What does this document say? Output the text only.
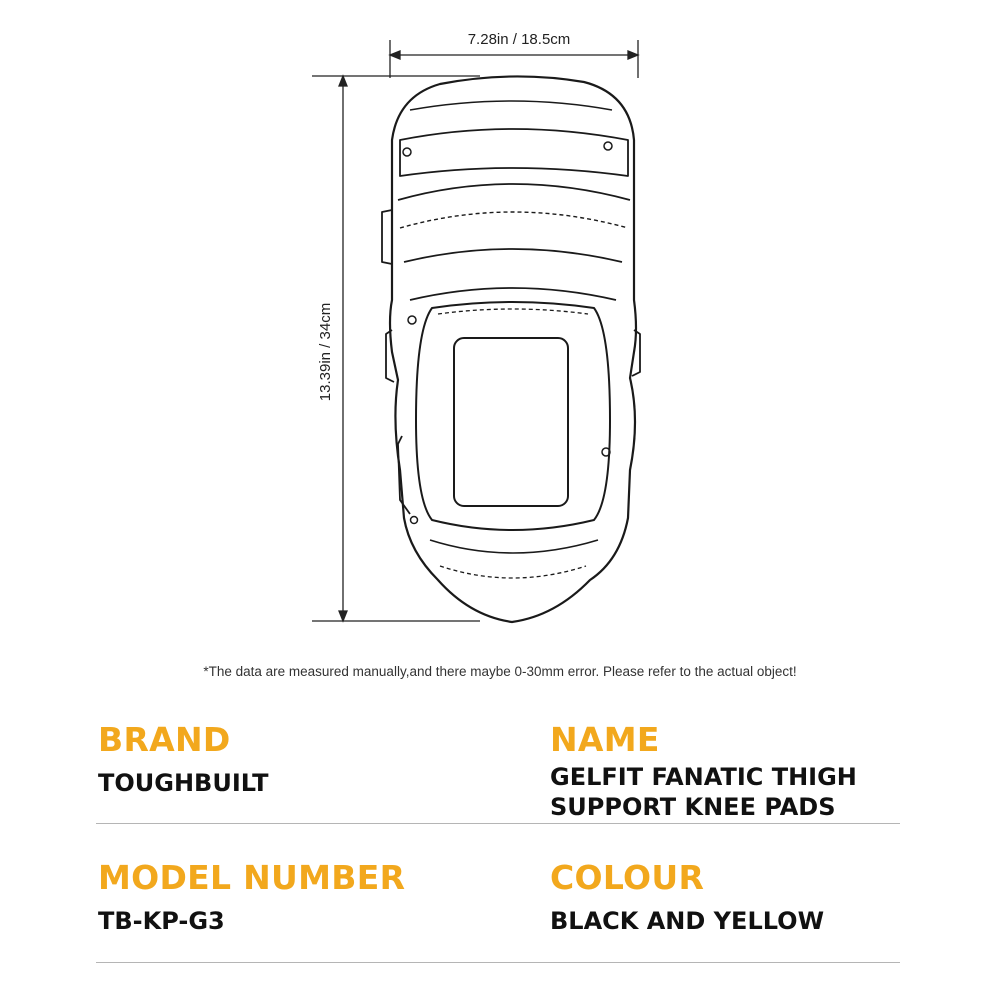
7.28in / 18.5cm
13.39in / 34cm
*The data are measured manually,and there maybe 0-30mm error. Please refer to the actual object!
BRAND
TOUGHBUILT
NAME
GELFIT FANATIC THIGH
SUPPORT KNEE PADS
MODEL NUMBER
TB-KP-G3
COLOUR
BLACK AND YELLOW
